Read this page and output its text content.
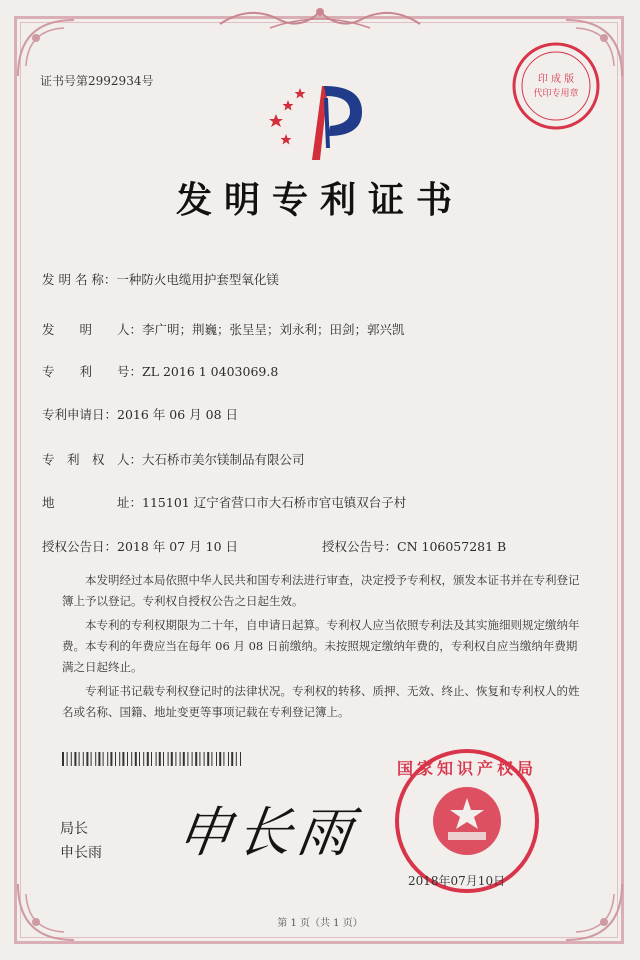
证书号第2992934号	印 成 版
代印专用章
发明专利证书
发 明 名 称：一种防火电缆用护套型氧化镁
发　　明　　人：李广明；荆巍；张呈呈；刘永利；田剑；郭兴凯
专　　利　　号：ZL 2016 1 0403069.8
专利申请日：2016 年 06 月 08 日
专　利　权　人：大石桥市美尔镁制品有限公司
地　　　　　址：115101 辽宁省营口市大石桥市官屯镇双台子村
授权公告日：2018 年 07 月 10 日	授权公告号：CN 106057281 B

本发明经过本局依照中华人民共和国专利法进行审查，决定授予专利权，颁发本证书并在专利登记簿上予以登记。专利权自授权公告之日起生效。

本专利的专利权期限为二十年，自申请日起算。专利权人应当依照专利法及其实施细则规定缴纳年费。本专利的年费应当在每年 06 月 08 日前缴纳。未按照规定缴纳年费的，专利权自应当缴纳年费期满之日起终止。

专利证书记载专利权登记时的法律状况。专利权的转移、质押、无效、终止、恢复和专利权人的姓名或名称、国籍、地址变更等事项记载在专利登记簿上。

局长
申长雨 申长雨
国家知识产权局
2018年07月10日
第 1 页（共 1 页）
